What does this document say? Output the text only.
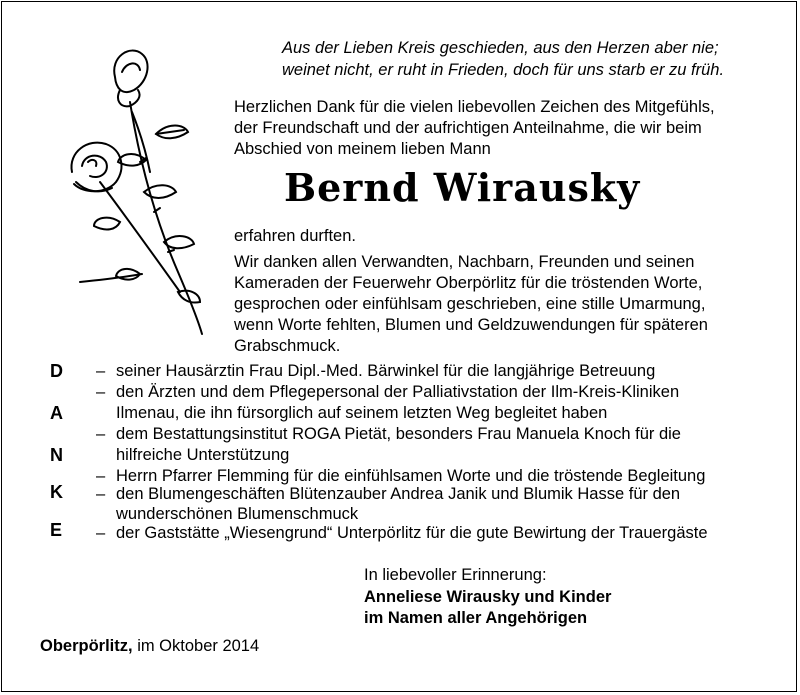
Aus der Lieben Kreis geschieden, aus den Herzen aber nie;
weinet nicht, er ruht in Frieden, doch für uns starb er zu früh.
Herzlichen Dank für die vielen liebevollen Zeichen des Mitgefühls,
der Freundschaft und der aufrichtigen Anteilnahme, die wir beim
Abschied von meinem lieben Mann
Bernd Wirausky
erfahren durften.
Wir danken allen Verwandten, Nachbarn, Freunden und seinen
Kameraden der Feuerwehr Oberpörlitz für die tröstenden Worte,
gesprochen oder einfühlsam geschrieben, eine stille Umarmung,
wenn Worte fehlten, Blumen und Geldzuwendungen für späteren
Grabschmuck.
D
A
N
K
E
– seiner Hausärztin Frau Dipl.-Med. Bärwinkel für die langjährige Betreuung
– den Ärzten und dem Pflegepersonal der Palliativstation der Ilm-Kreis-Kliniken
Ilmenau, die ihn fürsorglich auf seinem letzten Weg begleitet haben
– dem Bestattungsinstitut ROGA Pietät, besonders Frau Manuela Knoch für die
hilfreiche Unterstützung
– Herrn Pfarrer Flemming für die einfühlsamen Worte und die tröstende Begleitung
– den Blumengeschäften Blütenzauber Andrea Janik und Blumik Hasse für den
wunderschönen Blumenschmuck
– der Gaststätte „Wiesengrund“ Unterpörlitz für die gute Bewirtung der Trauergäste
In liebevoller Erinnerung:
Anneliese Wirausky und Kinder
im Namen aller Angehörigen
Oberpörlitz, im Oktober 2014
